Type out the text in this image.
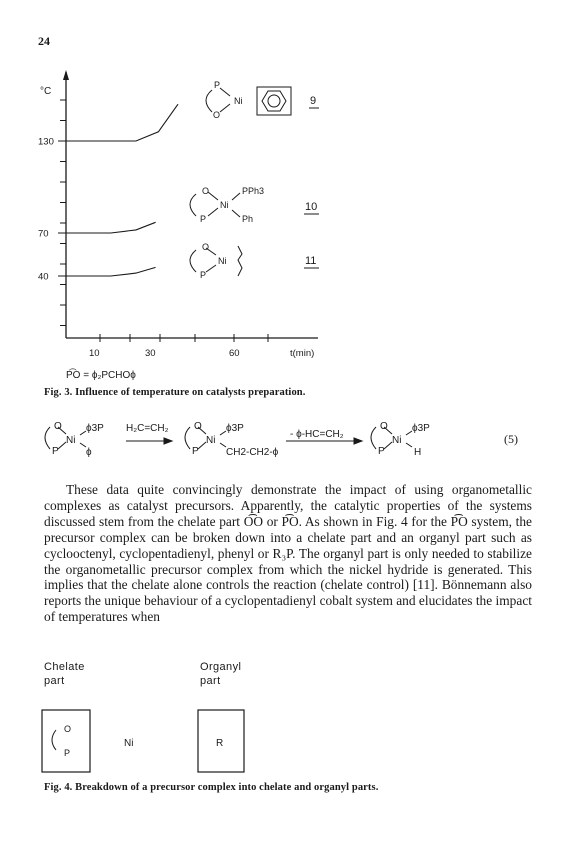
24
40
70
130
10	30	60
°C
t(min)
P
Ni
O
O
Ni
P
PPh3
Ph
O
Ni
P
9
10
11
P͡O = ϕ₂PCHOϕ
Fig. 3. Influence of temperature on catalysts preparation.
O
Ni
P
ϕ3P
ϕ
H₂C=CH₂	O
Ni
P
ϕ3P
CH2-CH2-ϕ
- ϕ-HC=CH₂
O
Ni
P
ϕ3P
H
(5)

These data quite convincingly demonstrate the impact of using organometallic complexes as catalyst precursors. Apparently, the catalytic properties of the systems discussed stem from the chelate part O͡O or P͡O. As shown in Fig. 4 for the P͡O system, the precursor complex can be broken down into a chelate part and an organyl part such as cyclooctenyl, cyclopentadienyl, phenyl or R₃P. The organyl part is only needed to stabilize the organometallic precursor complex from which the nickel hydride is generated. This implies that the chelate alone controls the reaction (chelate control) [11]. Bönnemann also reports the unique behaviour of a cyclopentadienyl cobalt system and elucidates the impact of temperatures when

Chelate
part
Organyl
part
O
P
Ni	R
Fig. 4. Breakdown of a precursor complex into chelate and organyl parts.
